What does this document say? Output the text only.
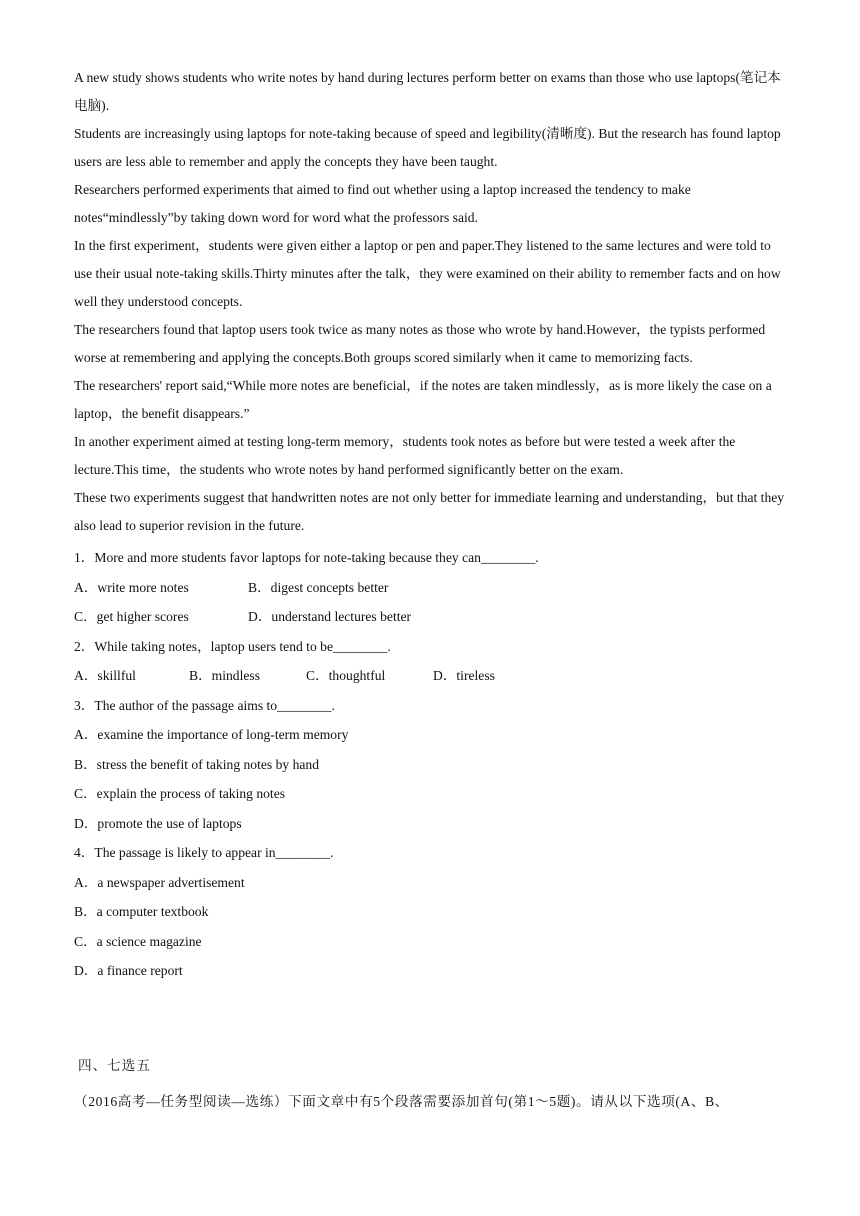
A new study shows students who write notes by hand during lectures perform better on exams than those who use laptops(笔记本电脑).

Students are increasingly using laptops for note-taking because of speed and legibility(清晰度). But the research has found laptop users are less able to remember and apply the concepts they have been taught.

Researchers performed experiments that aimed to find out whether using a laptop increased the tendency to make notes“mindlessly”by taking down word for word what the professors said.

In the first experiment，students were given either a laptop or pen and paper.They listened to the same lectures and were told to use their usual note-taking skills.Thirty minutes after the talk，they were examined on their ability to remember facts and on how well they understood concepts.

The researchers found that laptop users took twice as many notes as those who wrote by hand.However，the typists performed worse at remembering and applying the concepts.Both groups scored similarly when it came to memorizing facts.

The researchers' report said,“While more notes are beneficial，if the notes are taken mindlessly，as is more likely the case on a laptop，the benefit disappears.”

In another experiment aimed at testing long-term memory，students took notes as before but were tested a week after the lecture.This time，the students who wrote notes by hand performed significantly better on the exam.

These two experiments suggest that handwritten notes are not only better for immediate learning and understanding，but that they also lead to superior revision in the future.

1．More and more students favor laptops for note-taking because they can________.
A．write more notes	B．digest concepts better
C．get higher scores	D．understand lectures better
2．While taking notes，laptop users tend to be________.
A．skillful	B．mindless	C．thoughtful	D．tireless
3．The author of the passage aims to________.
A．examine the importance of long-term memory
B．stress the benefit of taking notes by hand
C．explain the process of taking notes
D．promote the use of laptops
4．The passage is likely to appear in________.
A．a newspaper advertisement
B．a computer textbook
C．a science magazine
D．a finance report
四、七选五
（2016高考—任务型阅读—选练）下面文章中有5个段落需要添加首句(第1～5题)。请从以下选项(A、B、
